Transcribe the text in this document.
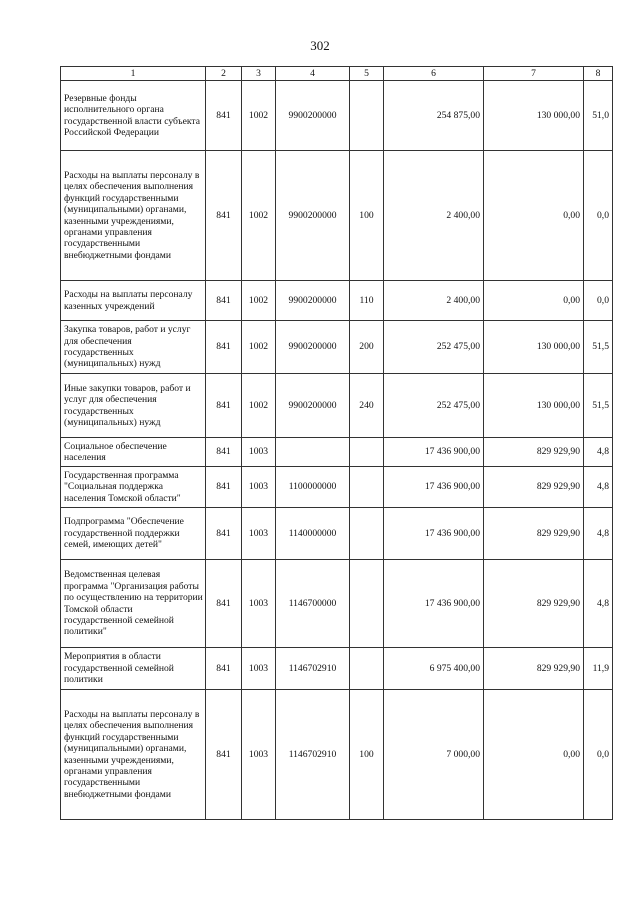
302
1	2	3	4	5	6	7	8
Резервные фонды исполнительного органа государственной власти субъекта Российской Федерации	841	1002	9900200000		254 875,00	130 000,00	51,0
Расходы на выплаты персоналу в целях обеспечения выполнения функций государственными (муниципальными) органами, казенными учреждениями, органами управления государственными внебюджетными фондами	841	1002	9900200000	100	2 400,00	0,00	0,0
Расходы на выплаты персоналу казенных учреждений	841	1002	9900200000	110	2 400,00	0,00	0,0
Закупка товаров, работ и услуг для обеспечения государственных (муниципальных) нужд	841	1002	9900200000	200	252 475,00	130 000,00	51,5
Иные закупки товаров, работ и услуг для обеспечения государственных (муниципальных) нужд	841	1002	9900200000	240	252 475,00	130 000,00	51,5
Социальное обеспечение населения	841	1003			17 436 900,00	829 929,90	4,8
Государственная программа "Социальная поддержка населения Томской области"	841	1003	1100000000		17 436 900,00	829 929,90	4,8
Подпрограмма "Обеспечение государственной поддержки семей, имеющих детей"	841	1003	1140000000		17 436 900,00	829 929,90	4,8
Ведомственная целевая программа "Организация работы по осуществлению на территории Томской области государственной семейной политики"	841	1003	1146700000		17 436 900,00	829 929,90	4,8
Мероприятия в области государственной семейной политики	841	1003	1146702910		6 975 400,00	829 929,90	11,9
Расходы на выплаты персоналу в целях обеспечения выполнения функций государственными (муниципальными) органами, казенными учреждениями, органами управления государственными внебюджетными фондами	841	1003	1146702910	100	7 000,00	0,00	0,0
